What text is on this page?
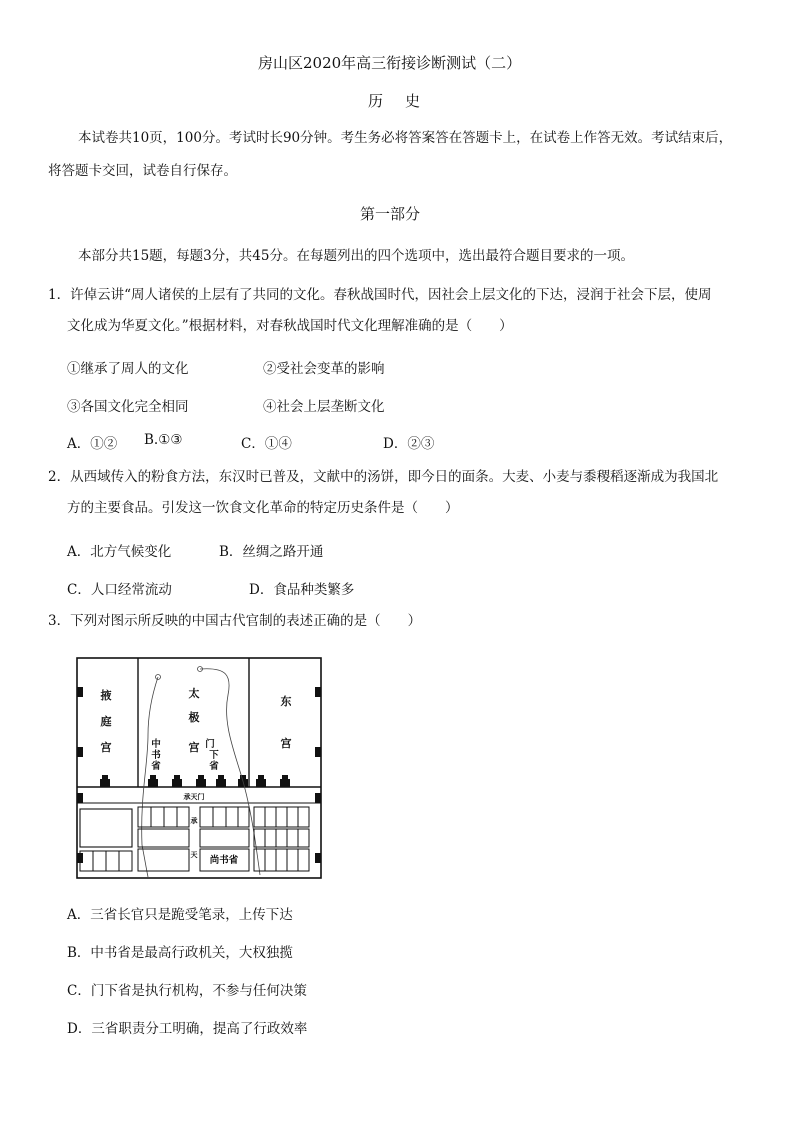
房山区2020年高三衔接诊断测试（二）
历史
本试卷共10页，100分。考试时长90分钟。考生务必将答案答在答题卡上，在试卷上作答无效。考试结束后，
将答题卡交回，试卷自行保存。
第一部分
本部分共15题，每题3分，共45分。在每题列出的四个选项中，选出最符合题目要求的一项。
1．许倬云讲“周人诸侯的上层有了共同的文化。春秋战国时代，因社会上层文化的下达，浸润于社会下层，使周
文化成为华夏文化。”根据材料，对春秋战国时代文化理解准确的是（　　）
①继承了周人的文化	②受社会变革的影响
③各国文化完全相同	④社会上层垄断文化
A．①② B.①③	C．①④	D．②③
2．从西域传入的粉食方法，东汉时已普及，文献中的汤饼，即今日的面条。大麦、小麦与黍稷稻逐渐成为我国北
方的主要食品。引发这一饮食文化革命的特定历史条件是（　　）
A．北方气候变化	B．丝绸之路开通
C．人口经常流动	D．食品种类繁多
3．下列对图示所反映的中国古代官制的表述正确的是（　　）
掖
庭
宫
太
极
宫
东
宫
中
书
省
门
下
省
承天门
承
天 尚书省
A．三省长官只是跪受笔录，上传下达
B．中书省是最高行政机关，大权独揽
C．门下省是执行机构，不参与任何决策
D．三省职责分工明确，提高了行政效率
